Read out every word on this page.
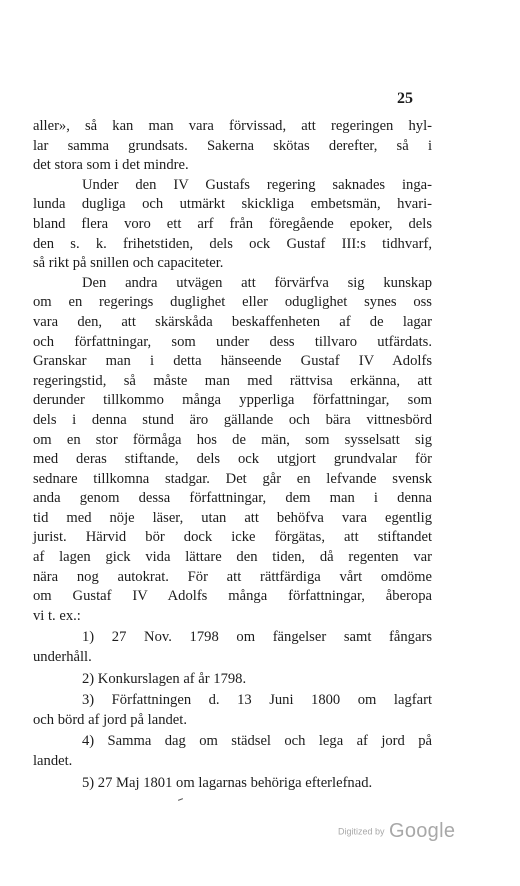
25
aller», så kan man vara förvissad, att regeringen hyl-
lar samma grundsats. Sakerna skötas derefter, så i
det stora som i det mindre.
Under den IV Gustafs regering saknades inga-
lunda dugliga och utmärkt skickliga embetsmän, hvari-
bland flera voro ett arf från föregående epoker, dels
den s. k. frihetstiden, dels ock Gustaf III:s tidhvarf,
så rikt på snillen och capaciteter.
Den andra utvägen att förvärfva sig kunskap
om en regerings duglighet eller oduglighet synes oss
vara den, att skärskåda beskaffenheten af de lagar
och författningar, som under dess tillvaro utfärdats.
Granskar man i detta hänseende Gustaf IV Adolfs
regeringstid, så måste man med rättvisa erkänna, att
derunder tillkommo många ypperliga författningar, som
dels i denna stund äro gällande och bära vittnesbörd
om en stor förmåga hos de män, som sysselsatt sig
med deras stiftande, dels ock utgjort grundvalar för
sednare tillkomna stadgar. Det går en lefvande svensk
anda genom dessa författningar, dem man i denna
tid med nöje läser, utan att behöfva vara egentlig
jurist. Härvid bör dock icke förgätas, att stiftandet
af lagen gick vida lättare den tiden, då regenten var
nära nog autokrat. För att rättfärdiga vårt omdöme
om Gustaf IV Adolfs många författningar, åberopa
vi t. ex.:
1) 27 Nov. 1798 om fängelser samt fångars
underhåll.
2) Konkurslagen af år 1798.
3) Författningen d. 13 Juni 1800 om lagfart
och börd af jord på landet.
4) Samma dag om städsel och lega af jord på
landet.
5) 27 Maj 1801 om lagarnas behöriga efterlefnad.
Digitized by Google
